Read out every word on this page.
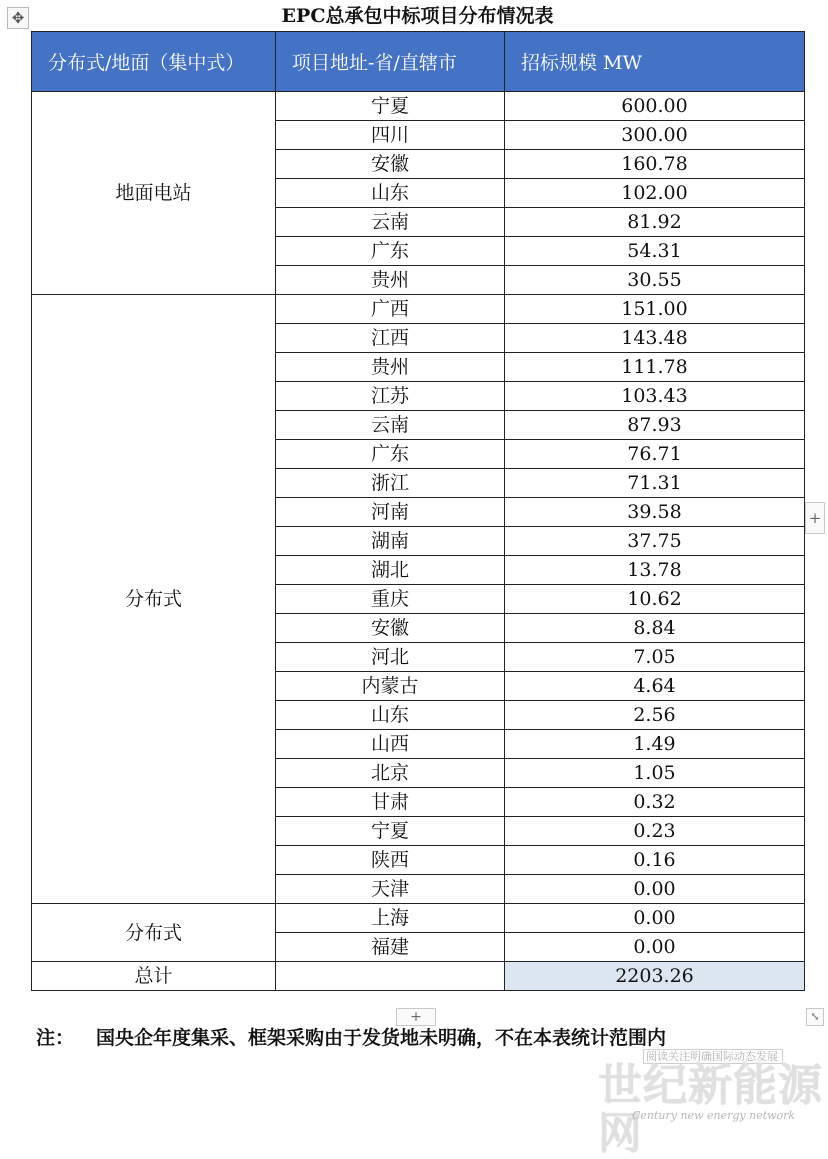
✥	EPC总承包中标项目分布情况表
分布式/地面（集中式）	项目地址-省/直辖市	招标规模 MW
地面电站	宁夏	600.00
	四川	300.00
	安徽	160.78
	山东	102.00
	云南	81.92
	广东	54.31
	贵州	30.55
分布式	广西	151.00
	江西	143.48
	贵州	111.78
	江苏	103.43
	云南	87.93
	广东	76.71
	浙江	71.31
	河南	39.58
	湖南	37.75
	湖北	13.78
	重庆	10.62
	安徽	8.84
	河北	7.05
	内蒙古	4.64
	山东	2.56
	山西	1.49
	北京	1.05
	甘肃	0.32
	宁夏	0.23
	陕西	0.16
	天津	0.00
分布式	上海	0.00
	福建	0.00
总计		2203.26
+
+	⤡
注： 国央企年度集采、框架采购由于发货地未明确，不在本表统计范围内
阅读关注明确国际动态发展
世纪新能源网
Century new energy network
